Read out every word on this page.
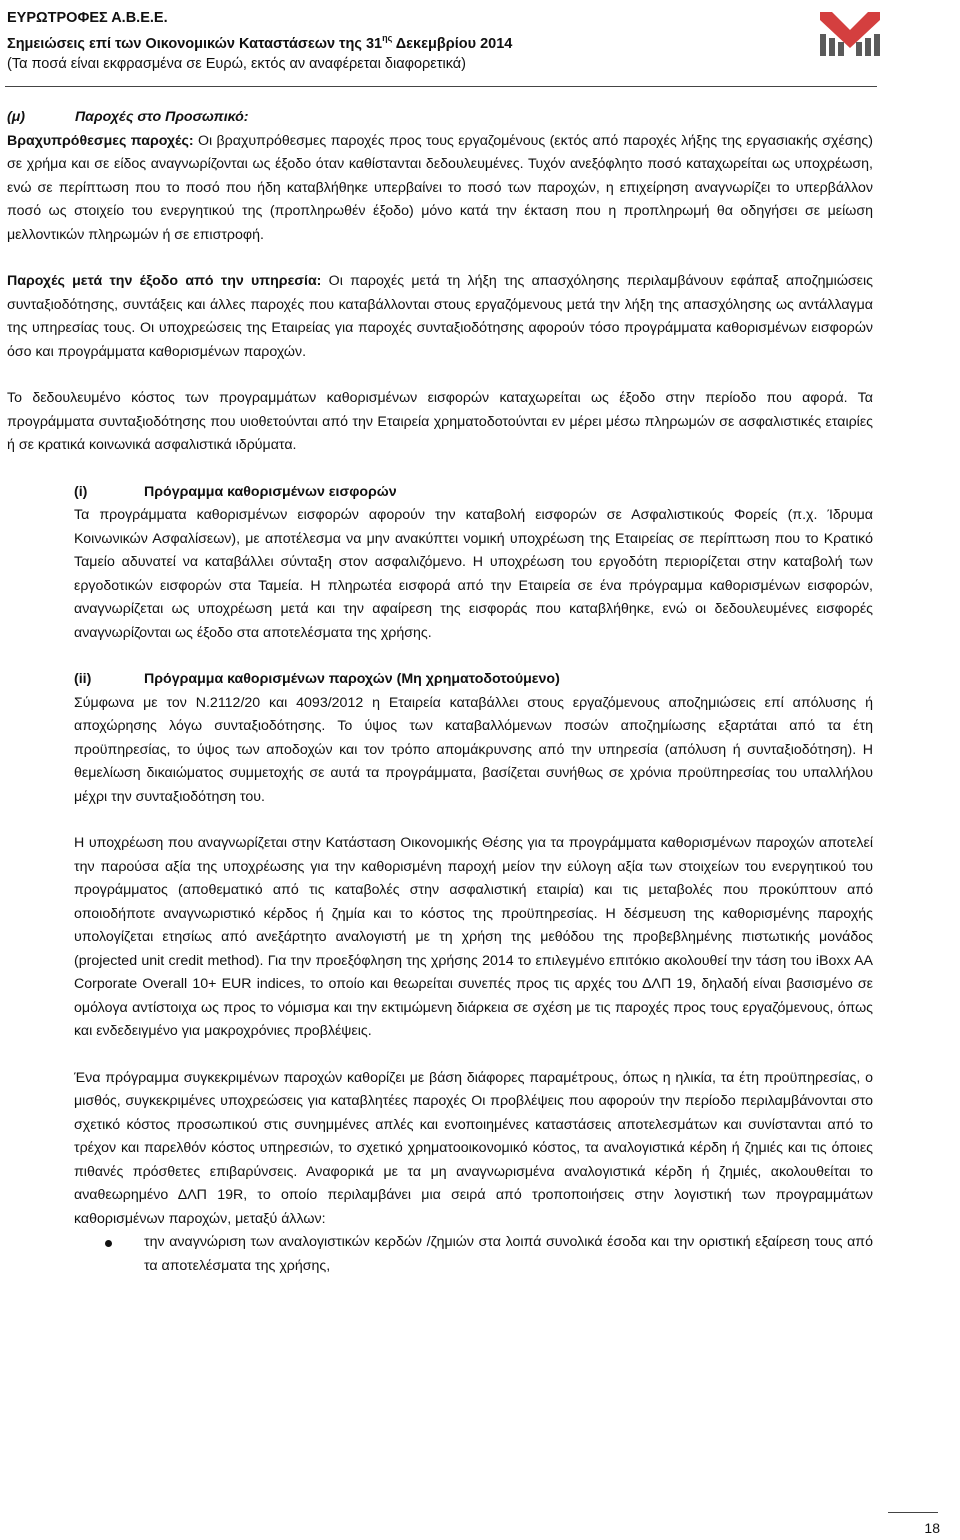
ΕΥΡΩΤΡΟΦΕΣ Α.Β.Ε.Ε.
Σημειώσεις επί των Οικονομικών Καταστάσεων της $31^{\eta\varsigma}$ Δεκεμβρίου 2014
(Τα ποσά είναι εκφρασμένα σε Ευρώ, εκτός αν αναφέρεται διαφορετικά)

(μ)	Παροχές στο Προσωπικό:

Βραχυπρόθεσμες παροχές: Οι βραχυπρόθεσμες παροχές προς τους εργαζομένους (εκτός από παροχές λήξης της εργασιακής σχέσης) σε χρήμα και σε είδος αναγνωρίζονται ως έξοδο όταν καθίστανται δεδουλευμένες. Τυχόν ανεξόφλητο ποσό καταχωρείται ως υποχρέωση, ενώ σε περίπτωση που το ποσό που ήδη καταβλήθηκε υπερβαίνει το ποσό των παροχών, η επιχείρηση αναγνωρίζει το υπερβάλλον ποσό ως στοιχείο του ενεργητικού της (προπληρωθέν έξοδο) μόνο κατά την έκταση που η προπληρωμή θα οδηγήσει σε μείωση μελλοντικών πληρωμών ή σε επιστροφή.

Παροχές μετά την έξοδο από την υπηρεσία: Οι παροχές μετά τη λήξη της απασχόλησης περιλαμβάνουν εφάπαξ αποζημιώσεις συνταξιοδότησης, συντάξεις και άλλες παροχές που καταβάλλονται στους εργαζόμενους μετά την λήξη της απασχόλησης ως αντάλλαγμα της υπηρεσίας τους. Οι υποχρεώσεις της Εταιρείας για παροχές συνταξιοδότησης αφορούν τόσο προγράμματα καθορισμένων εισφορών όσο και προγράμματα καθορισμένων παροχών.

Το δεδουλευμένο κόστος των προγραμμάτων καθορισμένων εισφορών καταχωρείται ως έξοδο στην περίοδο που αφορά. Τα προγράμματα συνταξιοδότησης που υιοθετούνται από την Εταιρεία χρηματοδοτούνται εν μέρει μέσω πληρωμών σε ασφαλιστικές εταιρίες ή σε κρατικά κοινωνικά ασφαλιστικά ιδρύματα.

(i)	Πρόγραμμα καθορισμένων εισφορών

Τα προγράμματα καθορισμένων εισφορών αφορούν την καταβολή εισφορών σε Ασφαλιστικούς Φορείς (π.χ. Ίδρυμα Κοινωνικών Ασφαλίσεων), με αποτέλεσμα να μην ανακύπτει νομική υποχρέωση της Εταιρείας σε περίπτωση που το Κρατικό Ταμείο αδυνατεί να καταβάλλει σύνταξη στον ασφαλιζόμενο. Η υποχρέωση του εργοδότη περιορίζεται στην καταβολή των εργοδοτικών εισφορών στα Ταμεία. Η πληρωτέα εισφορά από την Εταιρεία σε ένα πρόγραμμα καθορισμένων εισφορών, αναγνωρίζεται ως υποχρέωση μετά και την αφαίρεση της εισφοράς που καταβλήθηκε, ενώ οι δεδουλευμένες εισφορές αναγνωρίζονται ως έξοδο στα αποτελέσματα της χρήσης.

(ii)	Πρόγραμμα καθορισμένων παροχών (Μη χρηματοδοτούμενο)

Σύμφωνα με τον Ν.2112/20 και 4093/2012 η Εταιρεία καταβάλλει στους εργαζόμενους αποζημιώσεις επί απόλυσης ή αποχώρησης λόγω συνταξιοδότησης. Το ύψος των καταβαλλόμενων ποσών αποζημίωσης εξαρτάται από τα έτη προϋπηρεσίας, το ύψος των αποδοχών και τον τρόπο απομάκρυνσης από την υπηρεσία (απόλυση ή συνταξιοδότηση). Η θεμελίωση δικαιώματος συμμετοχής σε αυτά τα προγράμματα, βασίζεται συνήθως σε χρόνια προϋπηρεσίας του υπαλλήλου μέχρι την συνταξιοδότηση του.

Η υποχρέωση που αναγνωρίζεται στην Κατάσταση Οικονομικής Θέσης για τα προγράμματα καθορισμένων παροχών αποτελεί την παρούσα αξία της υποχρέωσης για την καθορισμένη παροχή μείον την εύλογη αξία των στοιχείων του ενεργητικού του προγράμματος (αποθεματικό από τις καταβολές στην ασφαλιστική εταιρία) και τις μεταβολές που προκύπτουν από οποιοδήποτε αναγνωριστικό κέρδος ή ζημία και το κόστος της προϋπηρεσίας. Η δέσμευση της καθορισμένης παροχής υπολογίζεται ετησίως από ανεξάρτητο αναλογιστή με τη χρήση της μεθόδου της προβεβλημένης πιστωτικής μονάδος (projected unit credit method). Για την προεξόφληση της χρήσης 2014 το επιλεγμένο επιτόκιο ακολουθεί την τάση του iBoxx AA Corporate Overall 10+ EUR indices, το οποίο και θεωρείται συνεπές προς τις αρχές του ΔΛΠ 19, δηλαδή είναι βασισμένο σε ομόλογα αντίστοιχα ως προς το νόμισμα και την εκτιμώμενη διάρκεια σε σχέση με τις παροχές προς τους εργαζόμενους, όπως και ενδεδειγμένο για μακροχρόνιες προβλέψεις.

Ένα πρόγραμμα συγκεκριμένων παροχών καθορίζει με βάση διάφορες παραμέτρους, όπως η ηλικία, τα έτη προϋπηρεσίας, ο μισθός, συγκεκριμένες υποχρεώσεις για καταβλητέες παροχές Οι προβλέψεις που αφορούν την περίοδο περιλαμβάνονται στο σχετικό κόστος προσωπικού στις συνημμένες απλές και ενοποιημένες καταστάσεις αποτελεσμάτων και συνίστανται από το τρέχον και παρελθόν κόστος υπηρεσιών, το σχετικό χρηματοοικονομικό κόστος, τα αναλογιστικά κέρδη ή ζημιές και τις όποιες πιθανές πρόσθετες επιβαρύνσεις. Αναφορικά με τα μη αναγνωρισμένα αναλογιστικά κέρδη ή ζημιές, ακολουθείται το αναθεωρημένο ΔΛΠ 19R, το οποίο περιλαμβάνει μια σειρά από τροποποιήσεις στην λογιστική των προγραμμάτων καθορισμένων παροχών, μεταξύ άλλων:

την αναγνώριση των αναλογιστικών κερδών /ζημιών στα λοιπά συνολικά έσοδα και την οριστική εξαίρεση τους από τα αποτελέσματα της χρήσης,
18
